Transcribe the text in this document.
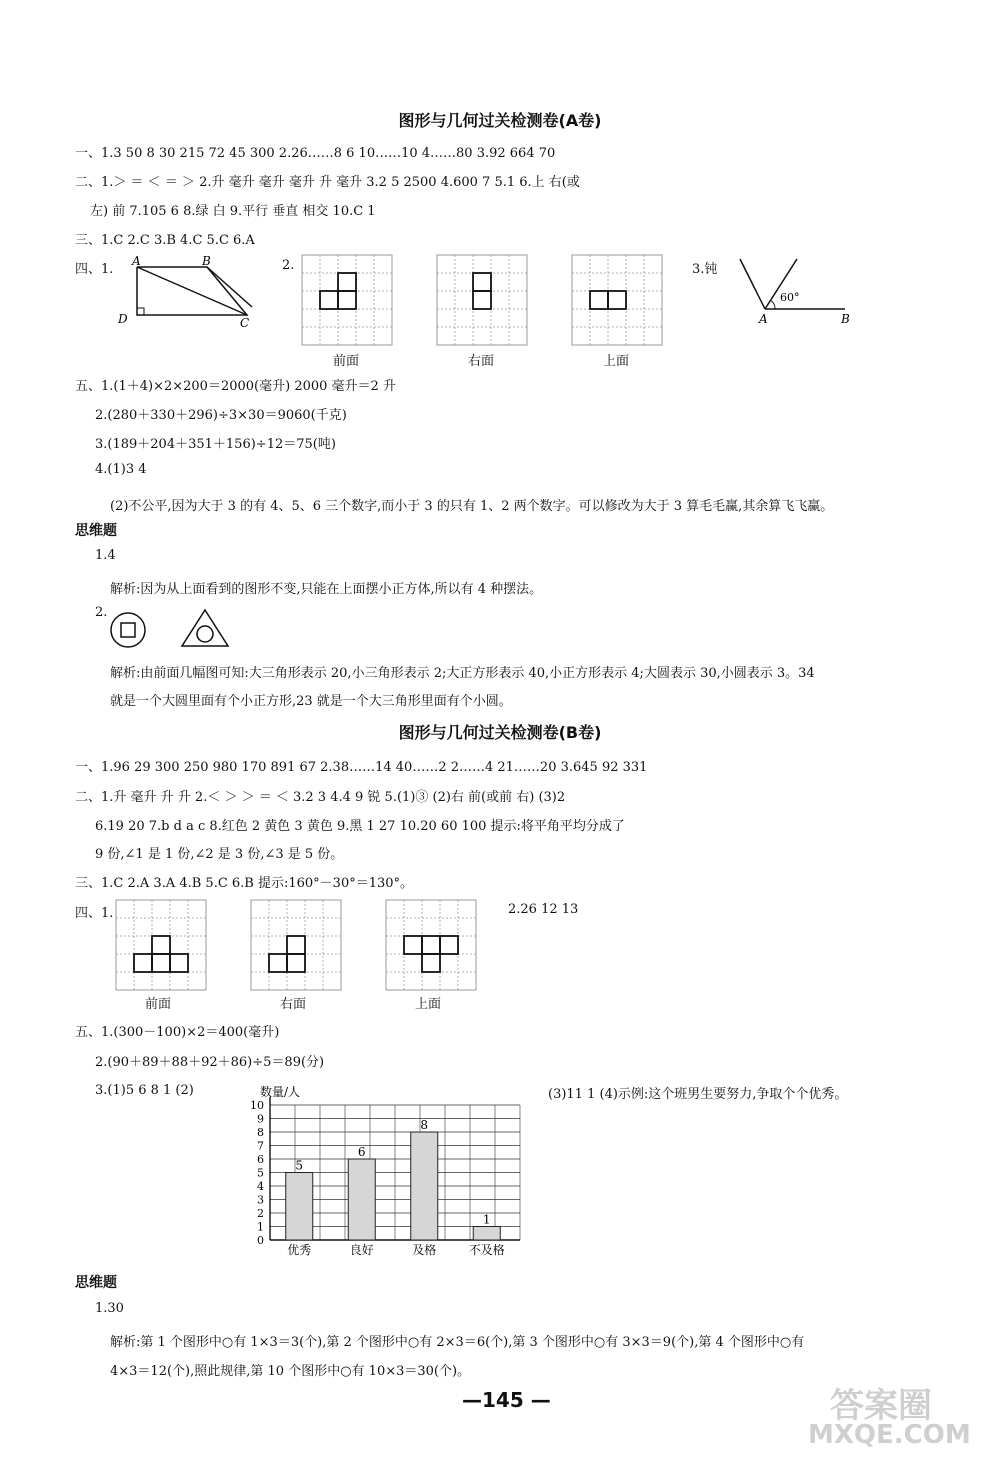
图形与几何过关检测卷(A卷)
一、1.3 50 8 30 215 72 45 300 2.26……8 6 10……10 4……80 3.92 664 70
二、1.＞ ＝ ＜ ＝ ＞ 2.升 毫升 毫升 毫升 升 毫升 3.2 5 2500 4.600 7 5.1 6.上 右(或
左) 前 7.105 6 8.绿 白 9.平行 垂直 相交 10.C 1
三、1.C 2.C 3.B 4.C 5.C 6.A
四、1.
A	B
D	C
2.
前面	右面	上面
3.钝
60°
A	B
五、1.(1＋4)×2×200＝2000(毫升) 2000 毫升＝2 升
2.(280＋330＋296)÷3×30＝9060(千克)
3.(189＋204＋351＋156)÷12＝75(吨)
4.(1)3 4
(2)不公平,因为大于 3 的有 4、5、6 三个数字,而小于 3 的只有 1、2 两个数字。可以修改为大于 3 算毛毛赢,其余算飞飞赢。
思维题
1.4
解析:因为从上面看到的图形不变,只能在上面摆小正方体,所以有 4 种摆法。
2.
解析:由前面几幅图可知:大三角形表示 20,小三角形表示 2;大正方形表示 40,小正方形表示 4;大圆表示 30,小圆表示 3。34
就是一个大圆里面有个小正方形,23 就是一个大三角形里面有个小圆。
图形与几何过关检测卷(B卷)
一、1.96 29 300 250 980 170 891 67 2.38……14 40……2 2……4 21……20 3.645 92 331
二、1.升 毫升 升 升 2.＜ ＞ ＞ ＝ ＜ 3.2 3 4.4 9 锐 5.(1)③ (2)右 前(或前 右) (3)2
6.19 20 7.b d a c 8.红色 2 黄色 3 黄色 9.黑 1 27 10.20 60 100 提示:将平角平均分成了
9 份,∠1 是 1 份,∠2 是 3 份,∠3 是 5 份。
三、1.C 2.A 3.A 4.B 5.C 6.B 提示:160°－30°＝130°。
四、1.
前面	右面	上面
2.26 12 13
五、1.(300－100)×2＝400(毫升)
2.(90＋89＋88＋92＋86)÷5＝89(分)
3.(1)5 6 8 1 (2)	(3)11 1 (4)示例:这个班男生要努力,争取个个优秀。
0
1
2
3
4
5
6
7
8
9
10
数量/人
5
优秀
6
良好
8
及格
1
不及格
思维题
1.30
解析:第 1 个图形中○有 1×3＝3(个),第 2 个图形中○有 2×3＝6(个),第 3 个图形中○有 3×3＝9(个),第 4 个图形中○有
4×3＝12(个),照此规律,第 10 个图形中○有 10×3＝30(个)。
—145 —	答案圈
MXQE.COM
